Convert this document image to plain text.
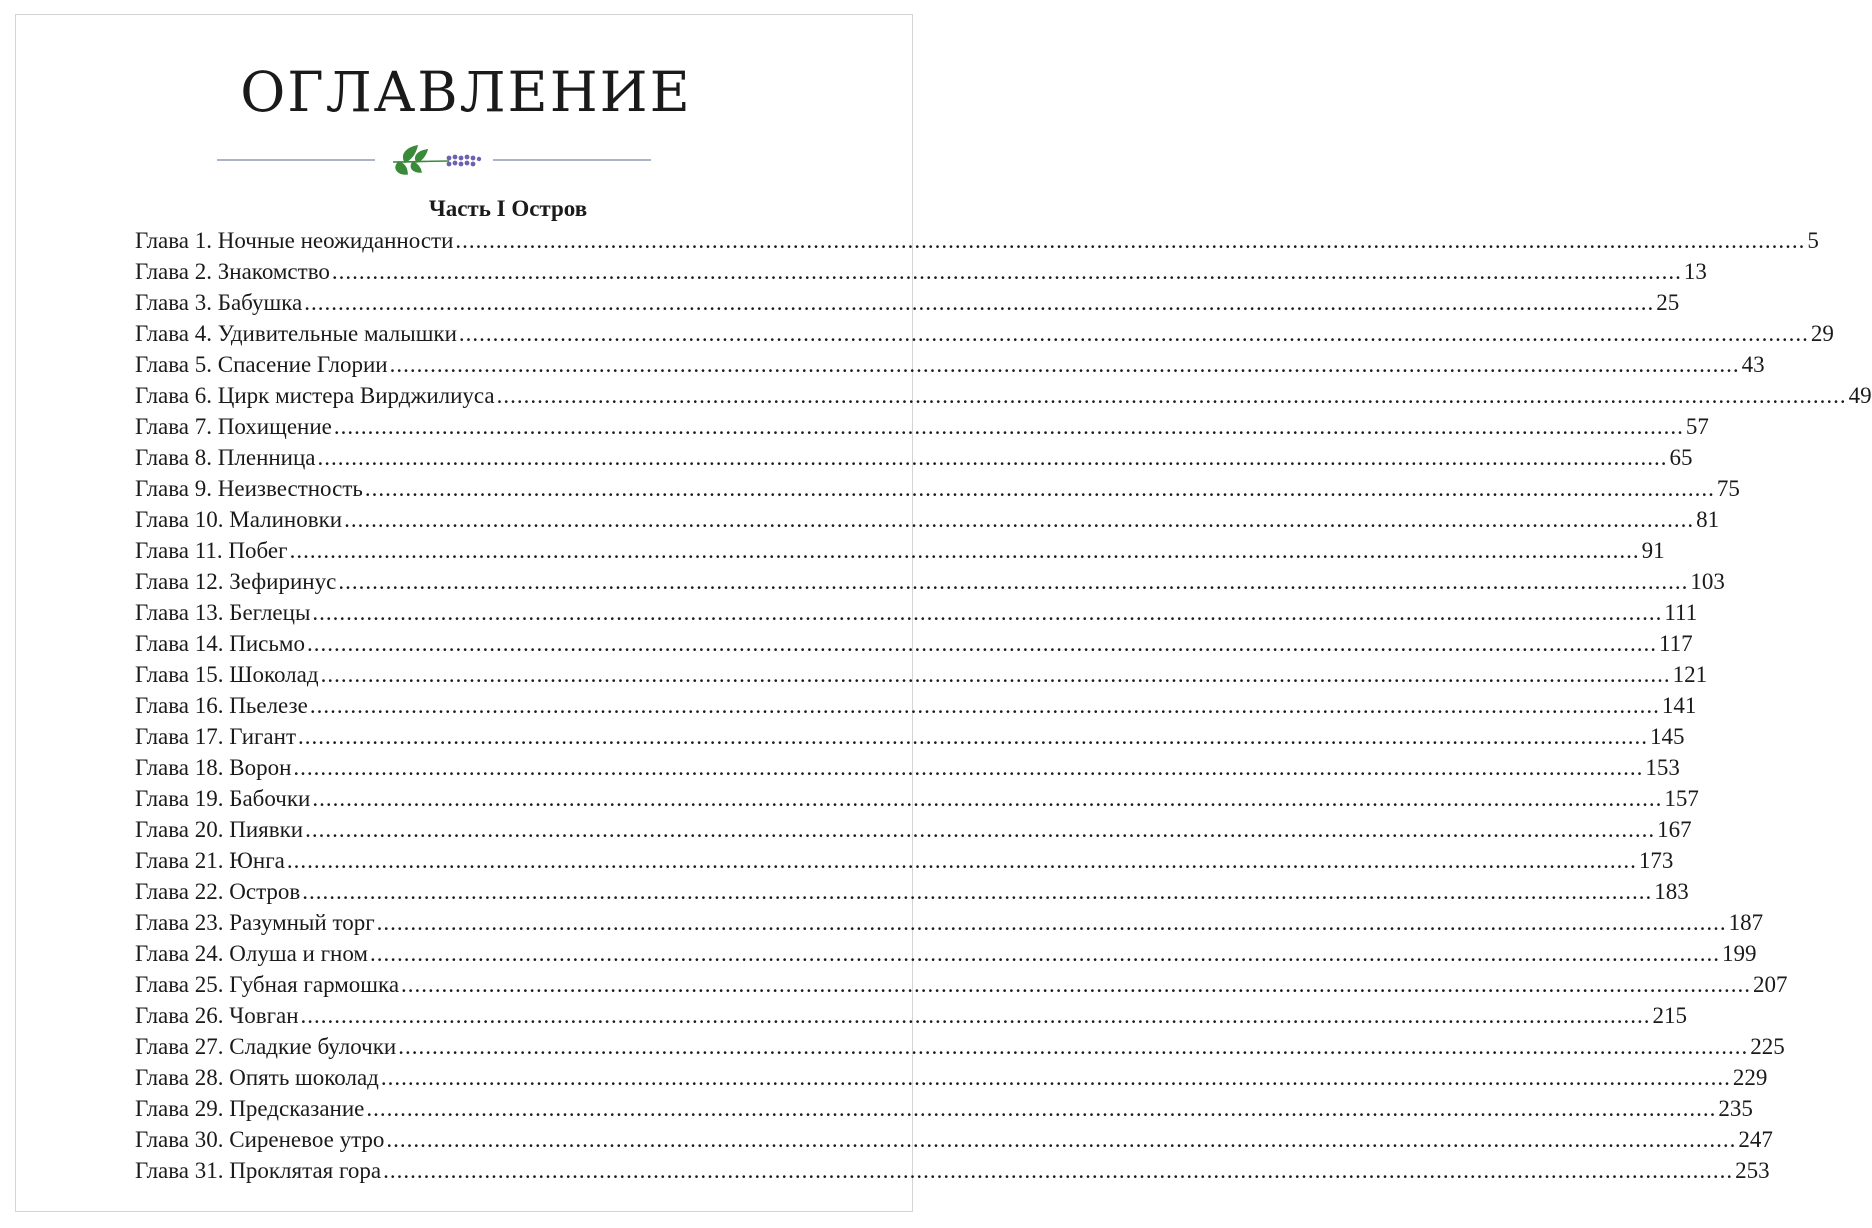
ОГЛАВЛЕНИЕ
Часть I Остров
Глава 1. Ночные неожиданности ........................................................................................................................................................................................................ 5
Глава 2. Знакомство ........................................................................................................................................................................................................ 13
Глава 3. Бабушка ........................................................................................................................................................................................................ 25
Глава 4. Удивительные малышки ........................................................................................................................................................................................................ 29
Глава 5. Спасение Глории ........................................................................................................................................................................................................ 43
Глава 6. Цирк мистера Вирджилиуса ........................................................................................................................................................................................................ 49
Глава 7. Похищение ........................................................................................................................................................................................................ 57
Глава 8. Пленница ........................................................................................................................................................................................................ 65
Глава 9. Неизвестность ........................................................................................................................................................................................................ 75
Глава 10. Малиновки ........................................................................................................................................................................................................ 81
Глава 11. Побег ........................................................................................................................................................................................................ 91
Глава 12. Зефиринус ........................................................................................................................................................................................................ 103
Глава 13. Беглецы ........................................................................................................................................................................................................ 111
Глава 14. Письмо ........................................................................................................................................................................................................ 117
Глава 15. Шоколад ........................................................................................................................................................................................................ 121
Глава 16. Пьелезе ........................................................................................................................................................................................................ 141
Глава 17. Гигант ........................................................................................................................................................................................................ 145
Глава 18. Ворон ........................................................................................................................................................................................................ 153
Глава 19. Бабочки ........................................................................................................................................................................................................ 157
Глава 20. Пиявки ........................................................................................................................................................................................................ 167
Глава 21. Юнга ........................................................................................................................................................................................................ 173
Глава 22. Остров ........................................................................................................................................................................................................ 183
Глава 23. Разумный торг ........................................................................................................................................................................................................ 187
Глава 24. Олуша и гном ........................................................................................................................................................................................................ 199
Глава 25. Губная гармошка ........................................................................................................................................................................................................ 207
Глава 26. Човган ........................................................................................................................................................................................................ 215
Глава 27. Сладкие булочки ........................................................................................................................................................................................................ 225
Глава 28. Опять шоколад ........................................................................................................................................................................................................ 229
Глава 29. Предсказание ........................................................................................................................................................................................................ 235
Глава 30. Сиреневое утро ........................................................................................................................................................................................................ 247
Глава 31. Проклятая гора ........................................................................................................................................................................................................ 253
